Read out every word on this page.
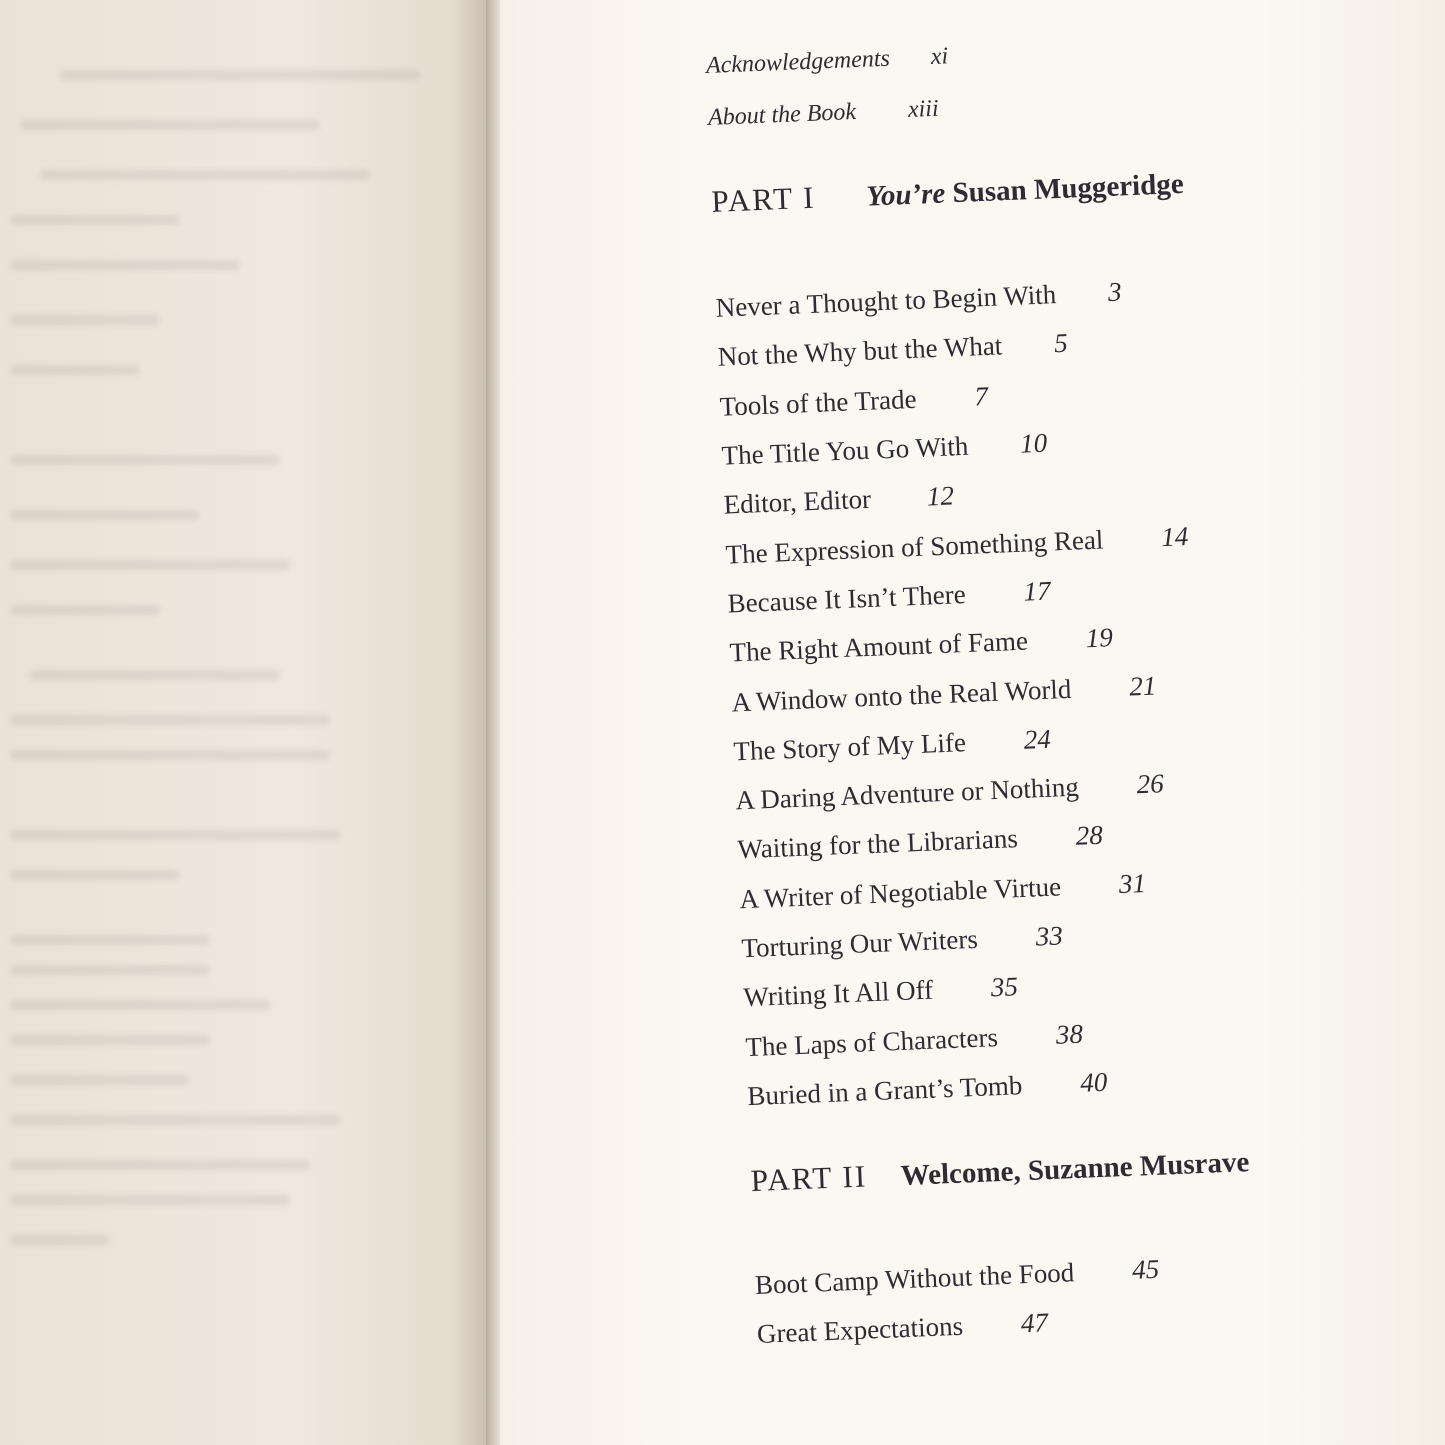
Acknowledgements	xi
About the Book	xiii
PART I	You’re Susan Muggeridge
Never a Thought to Begin With 3
Not the Why but the What 5
Tools of the Trade 7
The Title You Go With 10
Editor, Editor 12
The Expression of Something Real 14
Because It Isn’t There 17
The Right Amount of Fame 19
A Window onto the Real World 21
The Story of My Life 24
A Daring Adventure or Nothing 26
Waiting for the Librarians 28
A Writer of Negotiable Virtue 31
Torturing Our Writers 33
Writing It All Off 35
The Laps of Characters 38
Buried in a Grant’s Tomb 40
PART II	Welcome, Suzanne Musrave
Boot Camp Without the Food 45
Great Expectations 47
